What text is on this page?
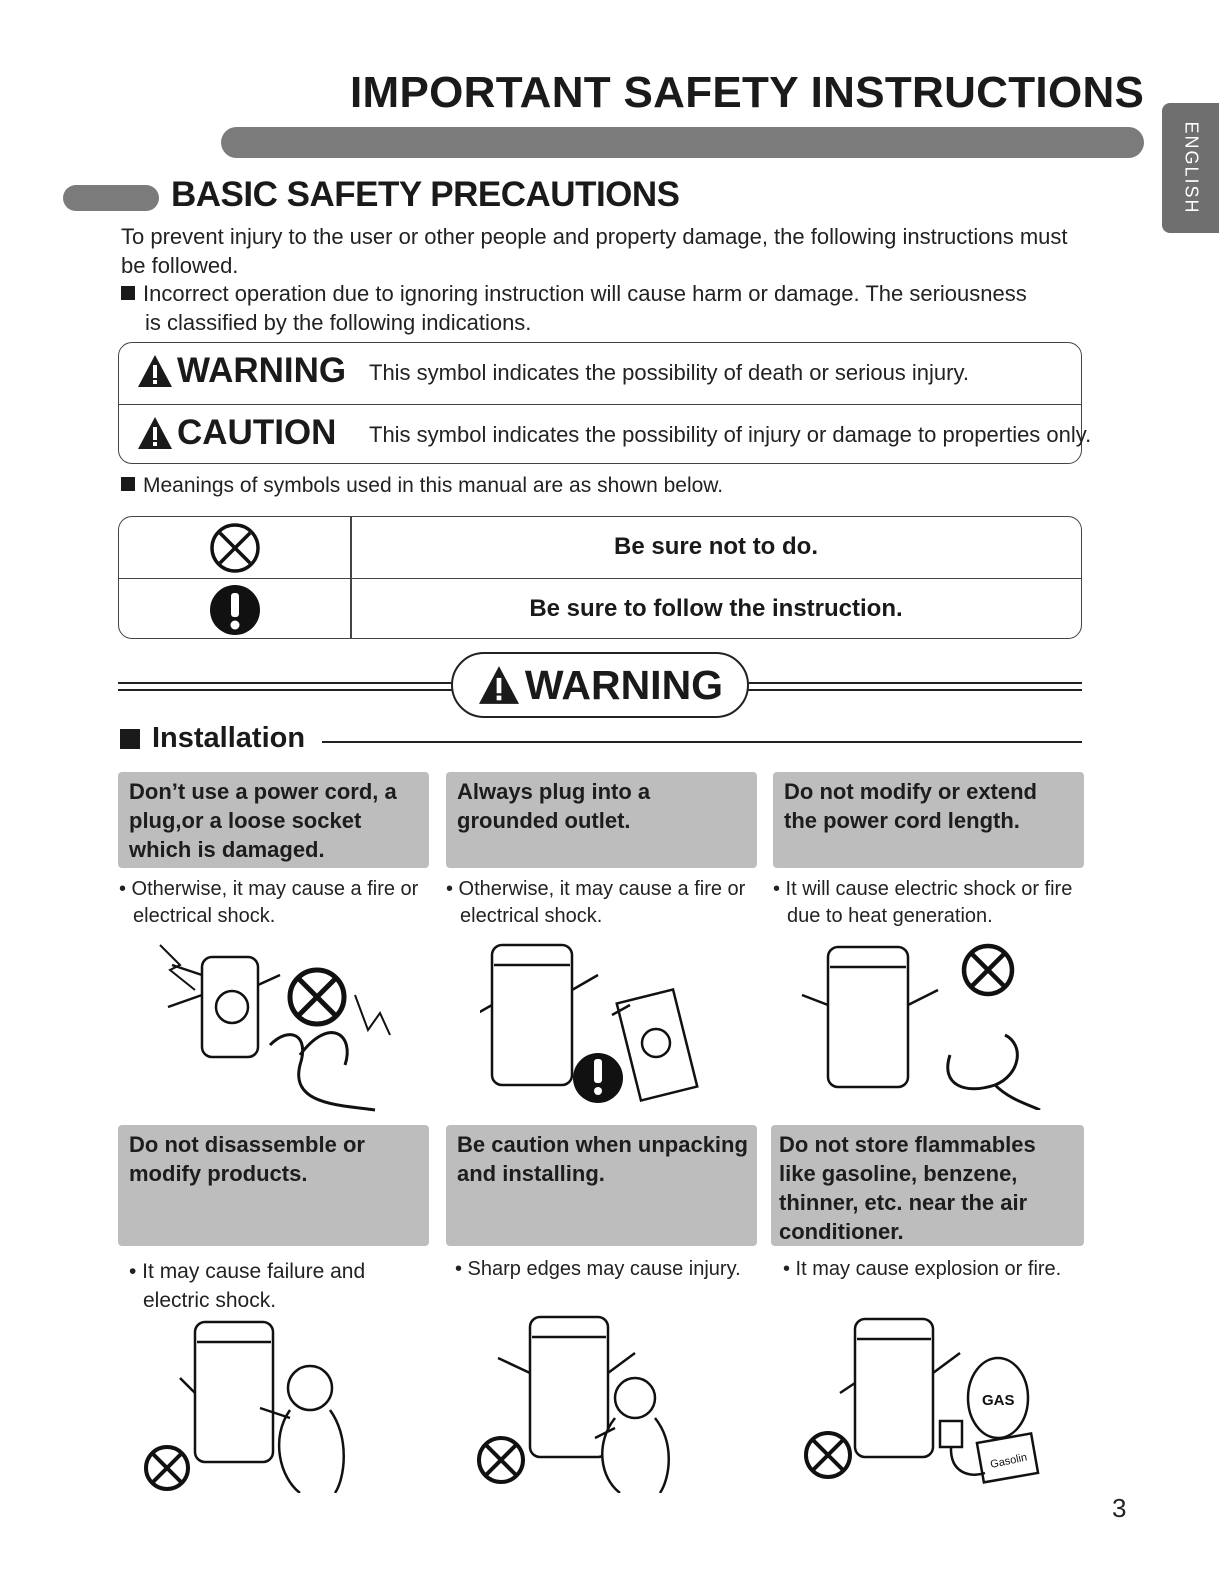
IMPORTANT SAFETY INSTRUCTIONS
ENGLISH
BASIC SAFETY PRECAUTIONS
To prevent injury to the user or other people and property damage, the following instructions must be followed.
Incorrect operation due to ignoring instruction will cause harm or damage. The seriousness
is classified by the following indications.
WARNING This symbol indicates the possibility of death or serious injury.
CAUTION This symbol indicates the possibility of injury or damage to properties only.
Meanings of symbols used in this manual are as shown below.
Be sure not to do.
Be sure to follow the instruction.
WARNING
Installation
Don’t use a power cord, a plug,or a loose socket which is damaged.
Always plug into a grounded outlet.
Do not modify or extend the power cord length.
• Otherwise, it may cause a fire or electrical shock.
• Otherwise, it may cause a fire or electrical shock.
• It will cause electric shock or fire due to heat generation.
Do not disassemble or modify products.
Be caution when unpacking and installing.
Do not store flammables like gasoline, benzene, thinner, etc. near the air conditioner.
• It may cause failure and electric shock.
• Sharp edges may cause injury. • It may cause explosion or fire.
GAS
Gasolin
3
